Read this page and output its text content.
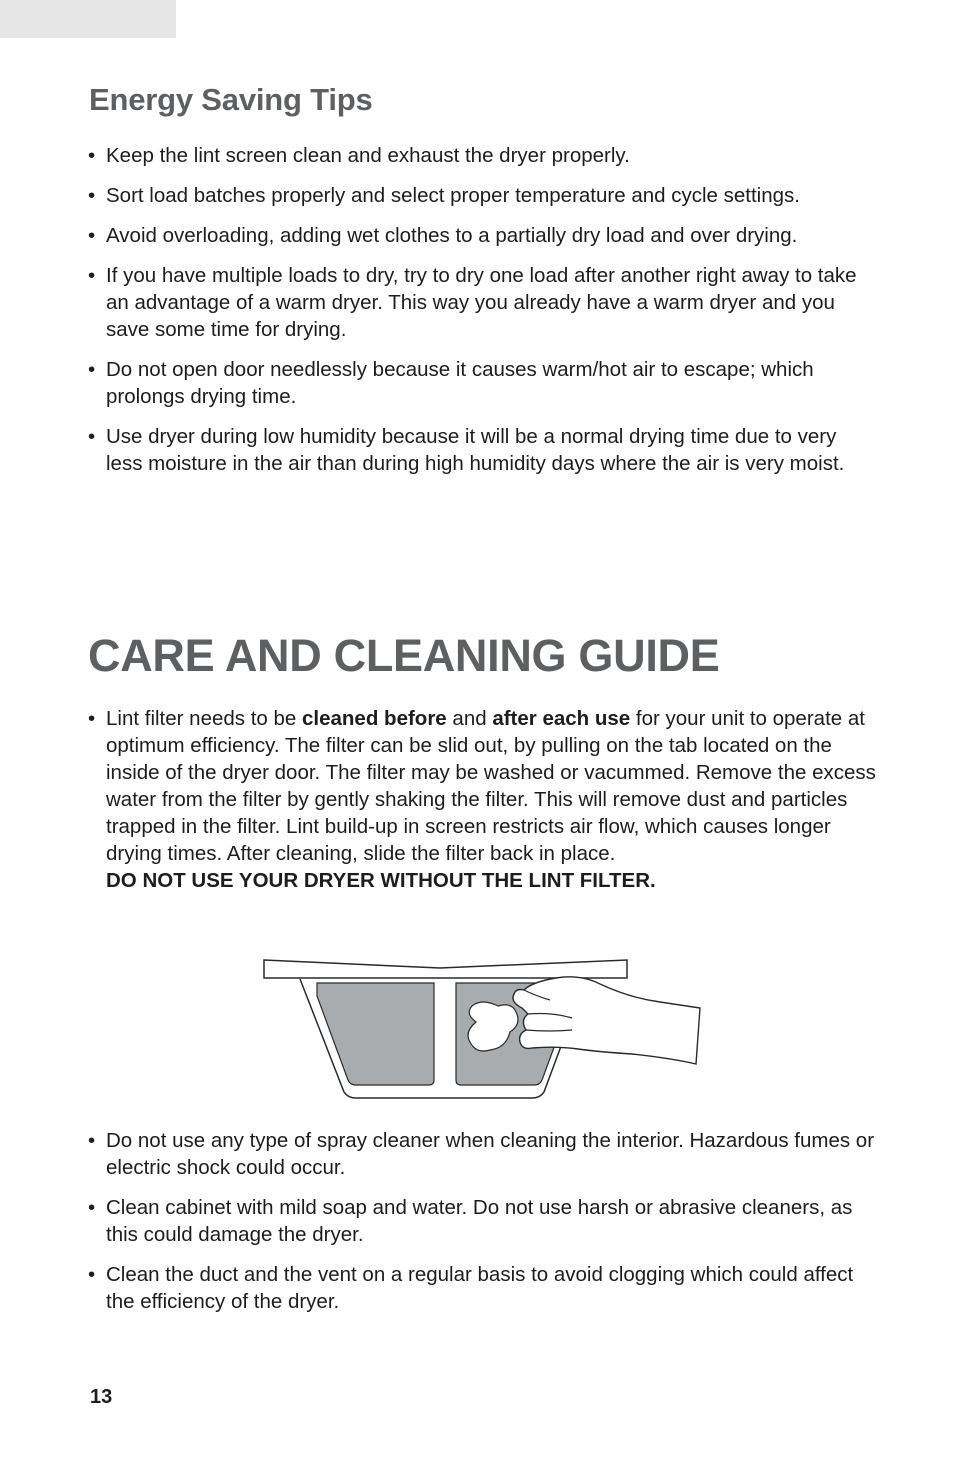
Energy Saving Tips
• Keep the lint screen clean and exhaust the dryer properly.
• Sort load batches properly and select proper temperature and cycle settings.
• Avoid overloading, adding wet clothes to a partially dry load and over drying.
• If you have multiple loads to dry, try to dry one load after another right away to take an advantage of a warm dryer. This way you already have a warm dryer and you save some time for drying.
• Do not open door needlessly because it causes warm/hot air to escape; which prolongs drying time.
• Use dryer during low humidity because it will be a normal drying time due to very less moisture in the air than during high humidity days where the air is very moist.
CARE AND CLEANING GUIDE
• Lint filter needs to be cleaned before and after each use for your unit to operate at optimum efficiency. The filter can be slid out, by pulling on the tab located on the inside of the dryer door. The filter may be washed or vacummed. Remove the excess water from the filter by gently shaking the filter. This will remove dust and particles trapped in the filter. Lint build-up in screen restricts air flow, which causes longer drying times. After cleaning, slide the filter back in place.
DO NOT USE YOUR DRYER WITHOUT THE LINT FILTER.
• Do not use any type of spray cleaner when cleaning the interior. Hazardous fumes or electric shock could occur.
• Clean cabinet with mild soap and water. Do not use harsh or abrasive cleaners, as this could damage the dryer.
• Clean the duct and the vent on a regular basis to avoid clogging which could affect the efficiency of the dryer.
13
